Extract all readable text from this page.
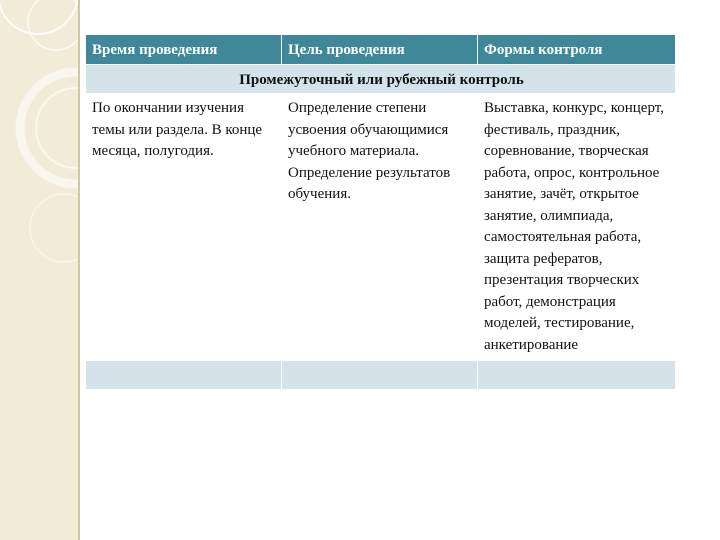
Время проведения	Цель проведения	Формы контроля
Промежуточный или рубежный контроль		
По окончании изучения темы или раздела. В конце месяца, полугодия.	Определение степени усвоения обучающимися учебного материала. Определение результатов обучения.	Выставка, конкурс, концерт, фестиваль, праздник, соревнование, творческая работа, опрос, контрольное занятие, зачёт, открытое занятие, олимпиада, самостоятельная работа, защита рефератов, презентация творческих работ, демонстрация моделей, тестирование, анкетирование
